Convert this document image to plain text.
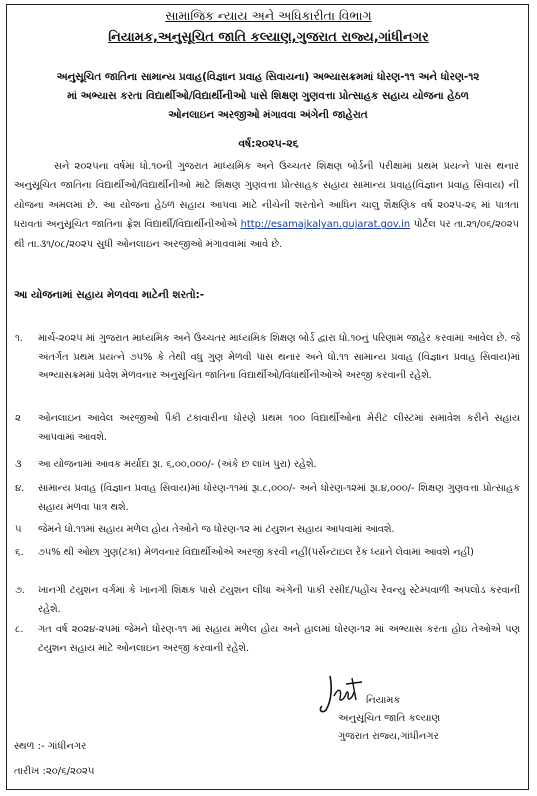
સામાજિક ન્યાય અને અધિકારીતા વિભાગ
નિયામક,અનુસૂચિત જાતિ કલ્યાણ,ગુજરાત રાજ્ય,ગાંધીનગર
અનુસૂચિત જાતિના સામાન્ય પ્રવાહ(વિજ્ઞાન પ્રવાહ સિવાયના) અભ્યાસક્રમમાં ધોરણ-૧૧ અને ધોરણ-૧૨
માં અભ્યાસ કરતા વિદ્યાર્થીઓ/વિદ્યાર્થીનીઓ પાસે શિક્ષણ ગુણવત્તા પ્રોત્સાહક સહાય યોજના હેઠળ
ઓનલાઇન અરજીઓ મંગાવવા અંગેની જાહેરાત
વર્ષ:૨૦૨૫-૨૬
સને ૨૦૨૫ના વર્ષમાં ધો.૧૦ની ગુજરાત માધ્યમિક અને ઉચ્ચતર શિક્ષણ બોર્ડની પરીક્ષામાં પ્રથમ પ્રયત્ને પાસ થનાર અનુસૂચિત જાતિના વિદ્યાર્થીઓ/વિદ્યાર્થીનીઓ માટે શિક્ષણ ગુણવત્તા પ્રોત્સાહક સહાય સામાન્ય પ્રવાહ(વિજ્ઞાન પ્રવાહ સિવાય) ની યોજના અમલમાં છે. આ યોજના હેઠળ સહાય આપવા માટે નીચેની શરતોને આધિન ચાલુ શૈક્ષણિક વર્ષ ૨૦૨૫-૨૬ માં પાત્રતા ધરાવતાં અનુસૂચિત જાતિના ફ્રેશ વિદ્યાર્થી/વિદ્યાર્થીનીઓએ http://esamajkalyan.gujarat.gov.in પોર્ટલ પર તા.૨૧/૦૬/૨૦૨૫ થી તા.૩૧/૦૮/૨૦૨૫ સુધી ઓનલાઇન અરજીઓ મંગાવવામાં આવે છે.
આ યોજનામાં સહાય મેળવવા માટેની શરતો:-
૧. માર્ચ-૨૦૨૫ માં ગુજરાત માધ્યમિક અને ઉચ્ચતર માધ્યમિક શિક્ષણ બોર્ડ દ્વારા ધો.૧૦નું પરિણામ જાહેર કરવામાં આવેલ છે. જે અંતર્ગત પ્રથમ પ્રયત્ને ૭૫% કે તેથી વધુ ગુણ મેળવી પાસ થનાર અને ધો.૧૧ સામાન્ય પ્રવાહ (વિજ્ઞાન પ્રવાહ સિવાય)માં અભ્યાસક્રમમાં પ્રવેશ મેળવનાર અનુસૂચિત જાતિના વિદ્યાર્થીઓ/વિધાર્થીનીઓએ અરજી કરવાની રહેશે.
૨ ઓનલાઇન આવેલ અરજીઓ પૈકી ટકાવારીના ધોરણે પ્રથમ ૧૦૦ વિદ્યાર્થીઓના મેરીટ લીસ્ટમાં સમાવેશ કરીને સહાય આપવામાં આવશે.
૩ આ યોજનામાં આવક મર્યાદા રૂા. ૬,૦૦,૦૦૦/- (અંકે છ લાખ પુરા) રહેશે.
૪. સામાન્ય પ્રવાહ (વિજ્ઞાન પ્રવાહ સિવાય)માં ધોરણ-૧૧માં રૂા.૮,૦૦૦/- અને ધોરણ-૧૨માં રૂા.૪,૦૦૦/- શિક્ષણ ગુણવત્તા પ્રોત્સાહક સહાય મળવા પાત્ર થશે.
૫ જેમને ધો.૧૧માં સહાય મળેલ હોય તેઓને જ ધોરણ-૧૨ માં ટયુશન સહાય આપવામાં આવશે.
૬. ૭૫% થી ઓછા ગુણ(ટકા) મેળવનાર વિદ્યાર્થીઓએ અરજી કરવી નહીં(પર્સન્ટાઇલ રેંક ધ્યાને લેવામાં આવશે નહીં)
૭. ખાનગી ટયુશન વર્ગમાં કે ખાનગી શિક્ષક પાસે ટયુશન લીધા અંગેની પાકી રસીદ/પહોંચ રેવન્યુ સ્ટેમ્પવાળી અપલોડ કરવાની રહેશે.
૮. ગત વર્ષ ૨૦૨૪-૨૫માં જેમને ધોરણ-૧૧ માં સહાય મળેલ હોય અને હાલમાં ધોરણ-૧૨ માં અભ્યાસ કરતા હોઇ તેઓએ પણ ટયુશન સહાય માટે ઓનલાઇન અરજી કરવાની રહેશે.
નિયામક
અનુસૂચિત જાતિ કલ્યાણ
ગુજરાત રાજ્ય,ગાંધીનગર
સ્થળ :- ગાંધીનગર
તારીખ :૨૦/૬/૨૦૨૫
